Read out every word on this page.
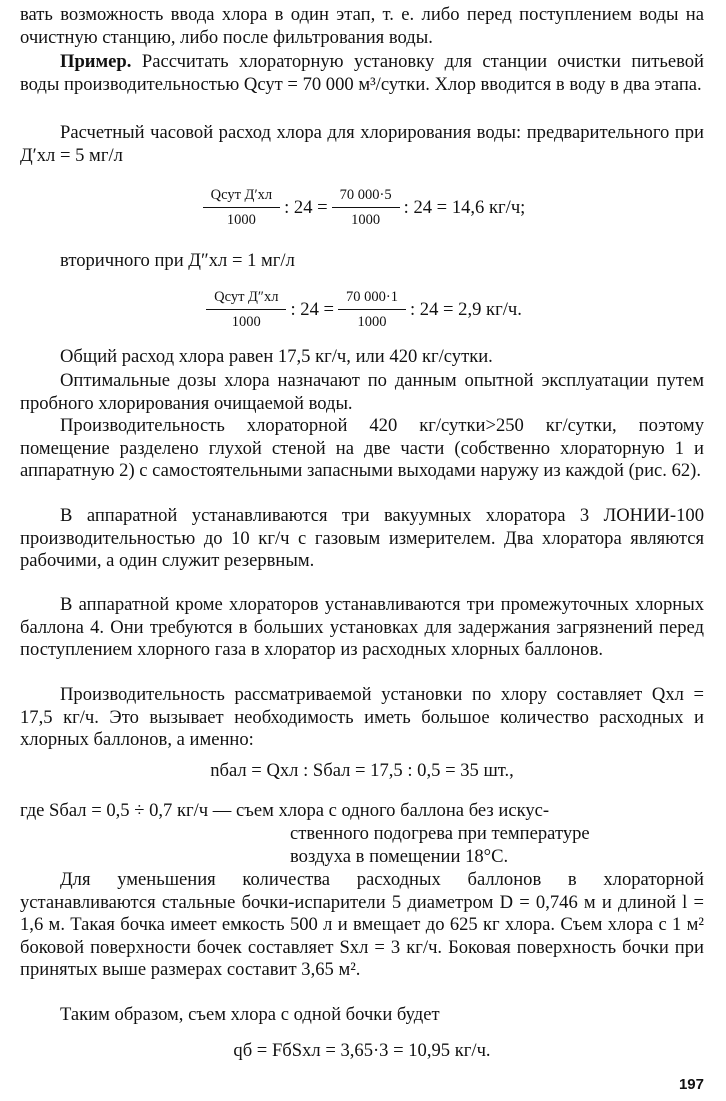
вать возможность ввода хлора в один этап, т. е. либо перед поступлением воды на очистную станцию, либо после фильтрования воды.
Пример. Рассчитать хлораторную установку для станции очистки питьевой воды производительностью Qсут = 70 000 м³/сутки. Хлор вводится в воду в два этапа.
Расчетный часовой расход хлора для хлорирования воды: предварительного при Д′хл = 5 мг/л
$\frac{\text{Qсут Д′хл}}{1000}$ : $24 = \frac{70 000\cdot 5}{1000}$ : 24 = 14,6 кг/ч;
вторичного при Д″хл = 1 мг/л
$\frac{\text{Qсут Д″хл}}{1000}$ : $24 = \frac{70 000\cdot 1}{1000}$ : 24 = 2,9 кг/ч.
Общий расход хлора равен 17,5 кг/ч, или 420 кг/сутки.
Оптимальные дозы хлора назначают по данным опытной эксплуатации путем пробного хлорирования очищаемой воды.
Производительность хлораторной 420 кг/сутки>250 кг/сутки, поэтому помещение разделено глухой стеной на две части (собственно хлораторную 1 и аппаратную 2) с самостоятельными запасными выходами наружу из каждой (рис. 62).
В аппаратной устанавливаются три вакуумных хлоратора 3 ЛОНИИ-100 производительностью до 10 кг/ч с газовым измерителем. Два хлоратора являются рабочими, а один служит резервным.
В аппаратной кроме хлораторов устанавливаются три промежуточных хлорных баллона 4. Они требуются в больших установках для задержания загрязнений перед поступлением хлорного газа в хлоратор из расходных хлорных баллонов.
Производительность рассматриваемой установки по хлору составляет Qхл = 17,5 кг/ч. Это вызывает необходимость иметь большое количество расходных и хлорных баллонов, а именно:
nбал = Qхл : Sбал = 17,5 : 0,5 = 35 шт.,
где Sбал = 0,5 ÷ 0,7 кг/ч — съем хлора с одного баллона без искус-
ственного подогрева при температуре
воздуха в помещении 18°C.
Для уменьшения количества расходных баллонов в хлораторной устанавливаются стальные бочки-испарители 5 диаметром D = 0,746 м и длиной l = 1,6 м. Такая бочка имеет емкость 500 л и вмещает до 625 кг хлора. Съем хлора с 1 м² боковой поверхности бочек составляет Sхл = 3 кг/ч. Боковая поверхность бочки при принятых выше размерах составит 3,65 м².
Таким образом, съем хлора с одной бочки будет
qб = FбSхл = 3,65·3 = 10,95 кг/ч.
197
